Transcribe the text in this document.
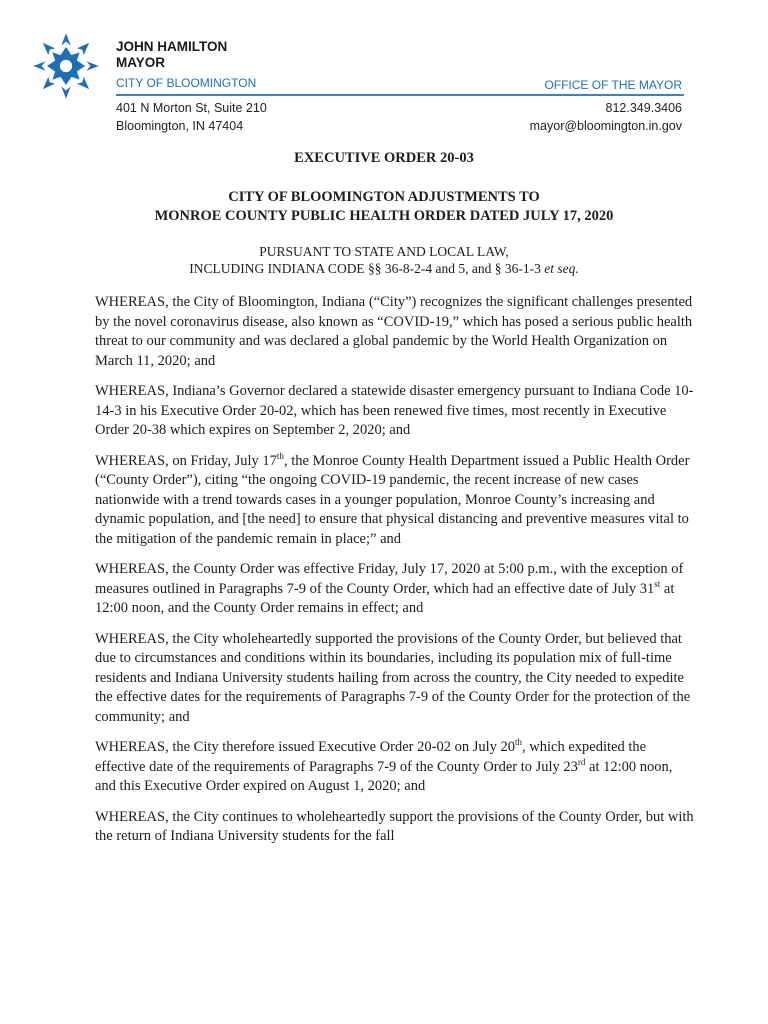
JOHN HAMILTON
MAYOR
CITY OF BLOOMINGTON	OFFICE OF THE MAYOR
401 N Morton St, Suite 210
Bloomington, IN 47404
812.349.3406
mayor@bloomington.in.gov
EXECUTIVE ORDER 20-03
CITY OF BLOOMINGTON ADJUSTMENTS TO
MONROE COUNTY PUBLIC HEALTH ORDER DATED JULY 17, 2020
PURSUANT TO STATE AND LOCAL LAW,
INCLUDING INDIANA CODE §§ 36-8-2-4 and 5, and § 36-1-3 et seq.

WHEREAS, the City of Bloomington, Indiana (“City”) recognizes the significant challenges presented by the novel coronavirus disease, also known as “COVID-19,” which has posed a serious public health threat to our community and was declared a global pandemic by the World Health Organization on March 11, 2020; and

WHEREAS, Indiana’s Governor declared a statewide disaster emergency pursuant to Indiana Code 10-14-3 in his Executive Order 20-02, which has been renewed five times, most recently in Executive Order 20-38 which expires on September 2, 2020; and

WHEREAS, on Friday, July 17th, the Monroe County Health Department issued a Public Health Order (“County Order”), citing “the ongoing COVID-19 pandemic, the recent increase of new cases nationwide with a trend towards cases in a younger population, Monroe County’s increasing and dynamic population, and [the need] to ensure that physical distancing and preventive measures vital to the mitigation of the pandemic remain in place;” and

WHEREAS, the County Order was effective Friday, July 17, 2020 at 5:00 p.m., with the exception of measures outlined in Paragraphs 7-9 of the County Order, which had an effective date of July 31st at 12:00 noon, and the County Order remains in effect; and

WHEREAS, the City wholeheartedly supported the provisions of the County Order, but believed that due to circumstances and conditions within its boundaries, including its population mix of full-time residents and Indiana University students hailing from across the country, the City needed to expedite the effective dates for the requirements of Paragraphs 7-9 of the County Order for the protection of the community; and

WHEREAS, the City therefore issued Executive Order 20-02 on July 20th, which expedited the effective date of the requirements of Paragraphs 7-9 of the County Order to July 23rd at 12:00 noon, and this Executive Order expired on August 1, 2020; and

WHEREAS, the City continues to wholeheartedly support the provisions of the County Order, but with the return of Indiana University students for the fall
